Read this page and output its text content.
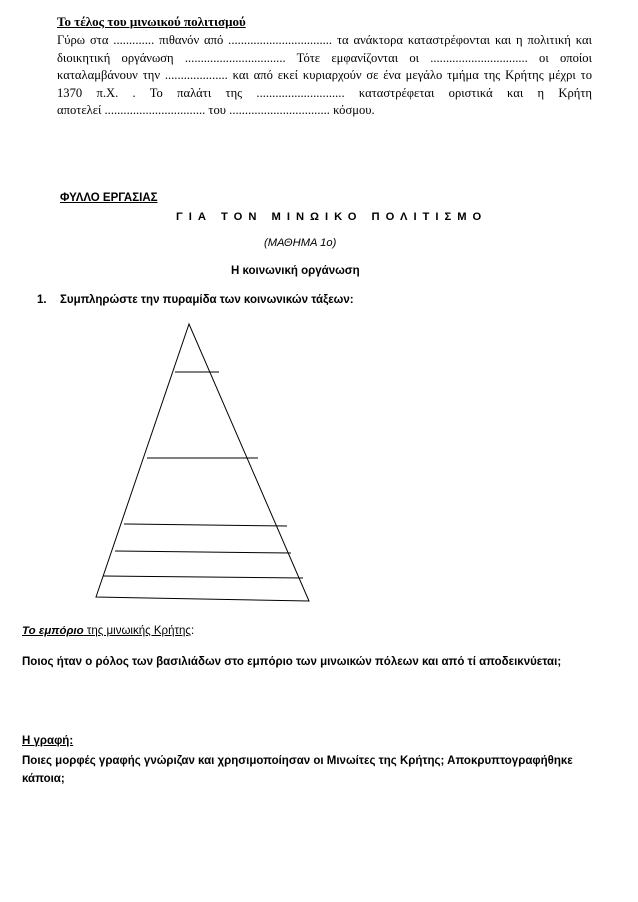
Το τέλος του μινωικού πολιτισμού
Γύρω στα ............. πιθανόν από ................................. τα ανάκτορα καταστρέφονται και η πολιτική και
διοικητική οργάνωση ................................ Τότε εμφανίζονται οι ............................... οι οποίοι
καταλαμβάνουν την .................... και από εκεί κυριαρχούν σε ένα μεγάλο τμήμα της Κρήτης μέχρι το
1370 π.Χ. . Το παλάτι της ............................ καταστρέφεται οριστικά και η Κρήτη
αποτελεί ................................ του ................................ κόσμου.
ΦΥΛΛΟ ΕΡΓΑΣΙΑΣ
ΓΙΑ ΤΟΝ ΜΙΝΩΙΚΟ ΠΟΛΙΤΙΣΜΟ
(ΜΑΘΗΜΑ 1ο)
Η κοινωνική οργάνωση
1. Συμπληρώστε την πυραμίδα των κοινωνικών τάξεων:
Το εμπόριο της μινωικής Κρήτης:
Ποιος ήταν ο ρόλος των βασιλιάδων στο εμπόριο των μινωικών πόλεων και από τί αποδεικνύεται;
Η γραφή:
Ποιες μορφές γραφής γνώριζαν και χρησιμοποίησαν οι Μινωίτες της Κρήτης; Αποκρυπτογραφήθηκε κάποια;
